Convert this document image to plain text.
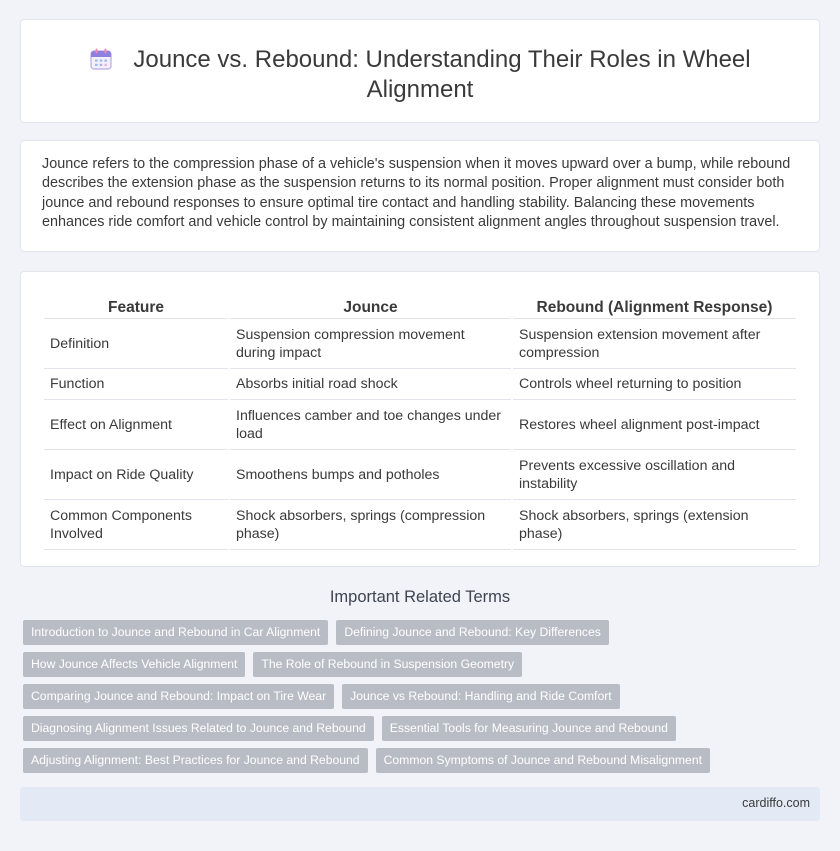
Jounce vs. Rebound: Understanding Their Roles in Wheel
Alignment

Jounce refers to the compression phase of a vehicle's suspension when it moves upward over a bump, while rebound describes the extension phase as the suspension returns to its normal position. Proper alignment must consider both jounce and rebound responses to ensure optimal tire contact and handling stability. Balancing these movements enhances ride comfort and vehicle control by maintaining consistent alignment angles throughout suspension travel.

Feature	Jounce	Rebound (Alignment Response)
Definition	Suspension compression movement during impact	Suspension extension movement after compression
Function	Absorbs initial road shock	Controls wheel returning to position
Effect on Alignment	Influences camber and toe changes under load	Restores wheel alignment post-impact
Impact on Ride Quality	Smoothens bumps and potholes	Prevents excessive oscillation and instability
Common Components Involved	Shock absorbers, springs (compression phase)	Shock absorbers, springs (extension phase)
Important Related Terms
Introduction to Jounce and Rebound in Car Alignment Defining Jounce and Rebound: Key Differences
How Jounce Affects Vehicle Alignment The Role of Rebound in Suspension Geometry
Comparing Jounce and Rebound: Impact on Tire Wear Jounce vs Rebound: Handling and Ride Comfort
Diagnosing Alignment Issues Related to Jounce and Rebound Essential Tools for Measuring Jounce and Rebound
Adjusting Alignment: Best Practices for Jounce and Rebound Common Symptoms of Jounce and Rebound Misalignment
cardiffo.com
